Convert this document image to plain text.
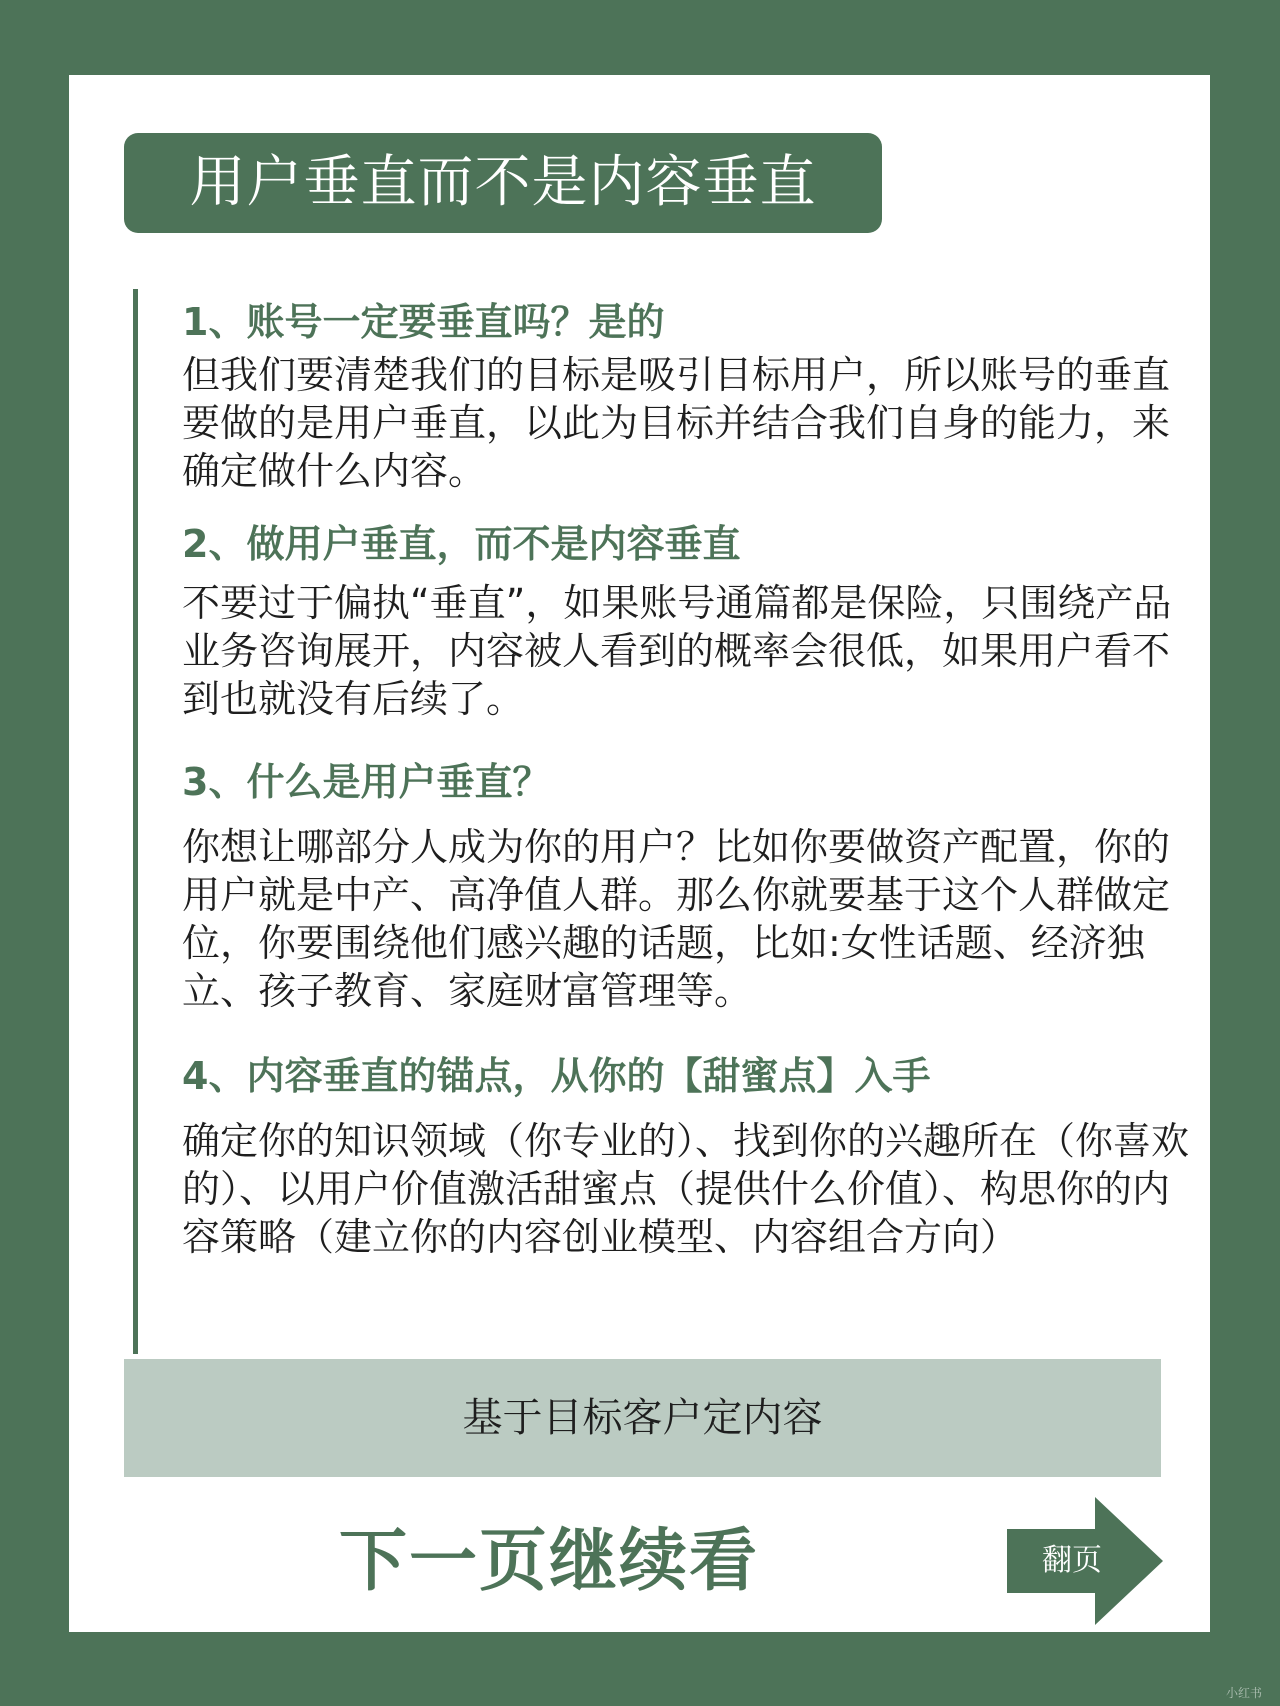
用户垂直而不是内容垂直
1、账号一定要垂直吗？是的

但我们要清楚我们的目标是吸引目标用户，所以账号的垂直要做的是用户垂直，以此为目标并结合我们自身的能力，来确定做什么内容。

2、做用户垂直，而不是内容垂直

不要过于偏执“垂直”，如果账号通篇都是保险，只围绕产品业务咨询展开，内容被人看到的概率会很低，如果用户看不到也就没有后续了。

3、什么是用户垂直？

你想让哪部分人成为你的用户？比如你要做资产配置，你的用户就是中产、高净值人群。那么你就要基于这个人群做定位，你要围绕他们感兴趣的话题，比如:女性话题、经济独立、孩子教育、家庭财富管理等。

4、内容垂直的锚点，从你的【甜蜜点】入手

确定你的知识领域（你专业的）、找到你的兴趣所在（你喜欢的）、以用户价值激活甜蜜点（提供什么价值）、构思你的内容策略（建立你的内容创业模型、内容组合方向）

基于目标客户定内容
下一页继续看	翻页
小红书
